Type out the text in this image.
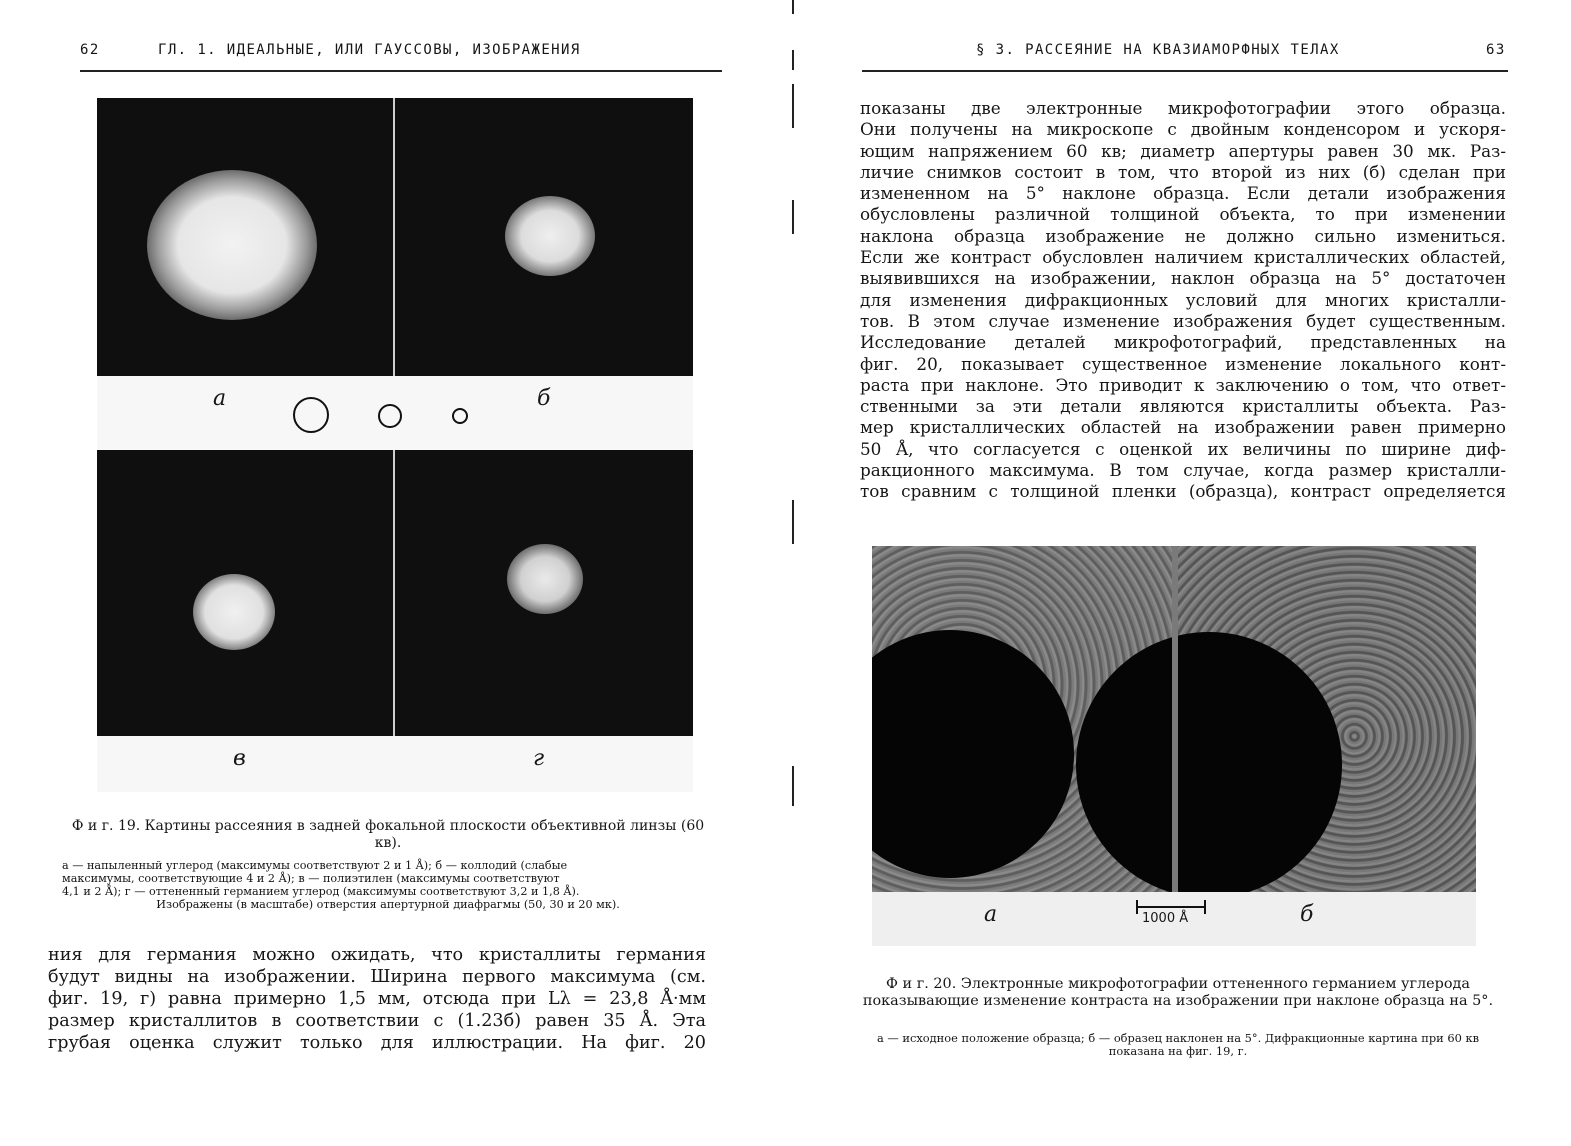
62	ГЛ. 1. ИДЕАЛЬНЫЕ, ИЛИ ГАУССОВЫ, ИЗОБРАЖЕНИЯ
а	б
в	г
Ф и г. 19. Картины рассеяния в задней фокальной плоскости объективной линзы (60 кв).
а — напыленный углерод (максимумы соответствуют 2 и 1 Å); б — коллодий (слабые
максимумы, соответствующие 4 и 2 Å); в — полиэтилен (максимумы соответствуют
4,1 и 2 Å); г — оттененный германием углерод (максимумы соответствуют 3,2 и 1,8 Å).
Изображены (в масштабе) отверстия апертурной диафрагмы (50, 30 и 20 мк).
ния для германия можно ожидать, что кристаллиты германия
будут видны на изображении. Ширина первого максимума (см.
фиг. 19, г) равна примерно 1,5 мм, отсюда при Lλ = 23,8 Å·мм
размер кристаллитов в соответствии с (1.23б) равен 35 Å. Эта
грубая оценка служит только для иллюстрации. На фиг. 20
§ 3. РАССЕЯНИЕ НА КВАЗИАМОРФНЫХ ТЕЛАХ	63
показаны две электронные микрофотографии этого образца.
Они получены на микроскопе с двойным конденсором и ускоря-
ющим напряжением 60 кв; диаметр апертуры равен 30 мк. Раз-
личие снимков состоит в том, что второй из них (б) сделан при
измененном на 5° наклоне образца. Если детали изображения
обусловлены различной толщиной объекта, то при изменении
наклона образца изображение не должно сильно измениться.
Если же контраст обусловлен наличием кристаллических областей,
выявившихся на изображении, наклон образца на 5° достаточен
для изменения дифракционных условий для многих кристалли-
тов. В этом случае изменение изображения будет существенным.
Исследование деталей микрофотографий, представленных на
фиг. 20, показывает существенное изменение локального конт-
раста при наклоне. Это приводит к заключению о том, что ответ-
ственными за эти детали являются кристаллиты объекта. Раз-
мер кристаллических областей на изображении равен примерно
50 Å, что согласуется с оценкой их величины по ширине диф-
ракционного максимума. В том случае, когда размер кристалли-
тов сравним с толщиной пленки (образца), контраст определяется
а	б
1000 Å
Ф и г. 20. Электронные микрофотографии оттененного германием углерода показывающие изменение контраста на изображении при наклоне образца на 5°.
а — исходное положение образца; б — образец наклонен на 5°. Дифракционные картина при 60 кв показана на фиг. 19, г.
